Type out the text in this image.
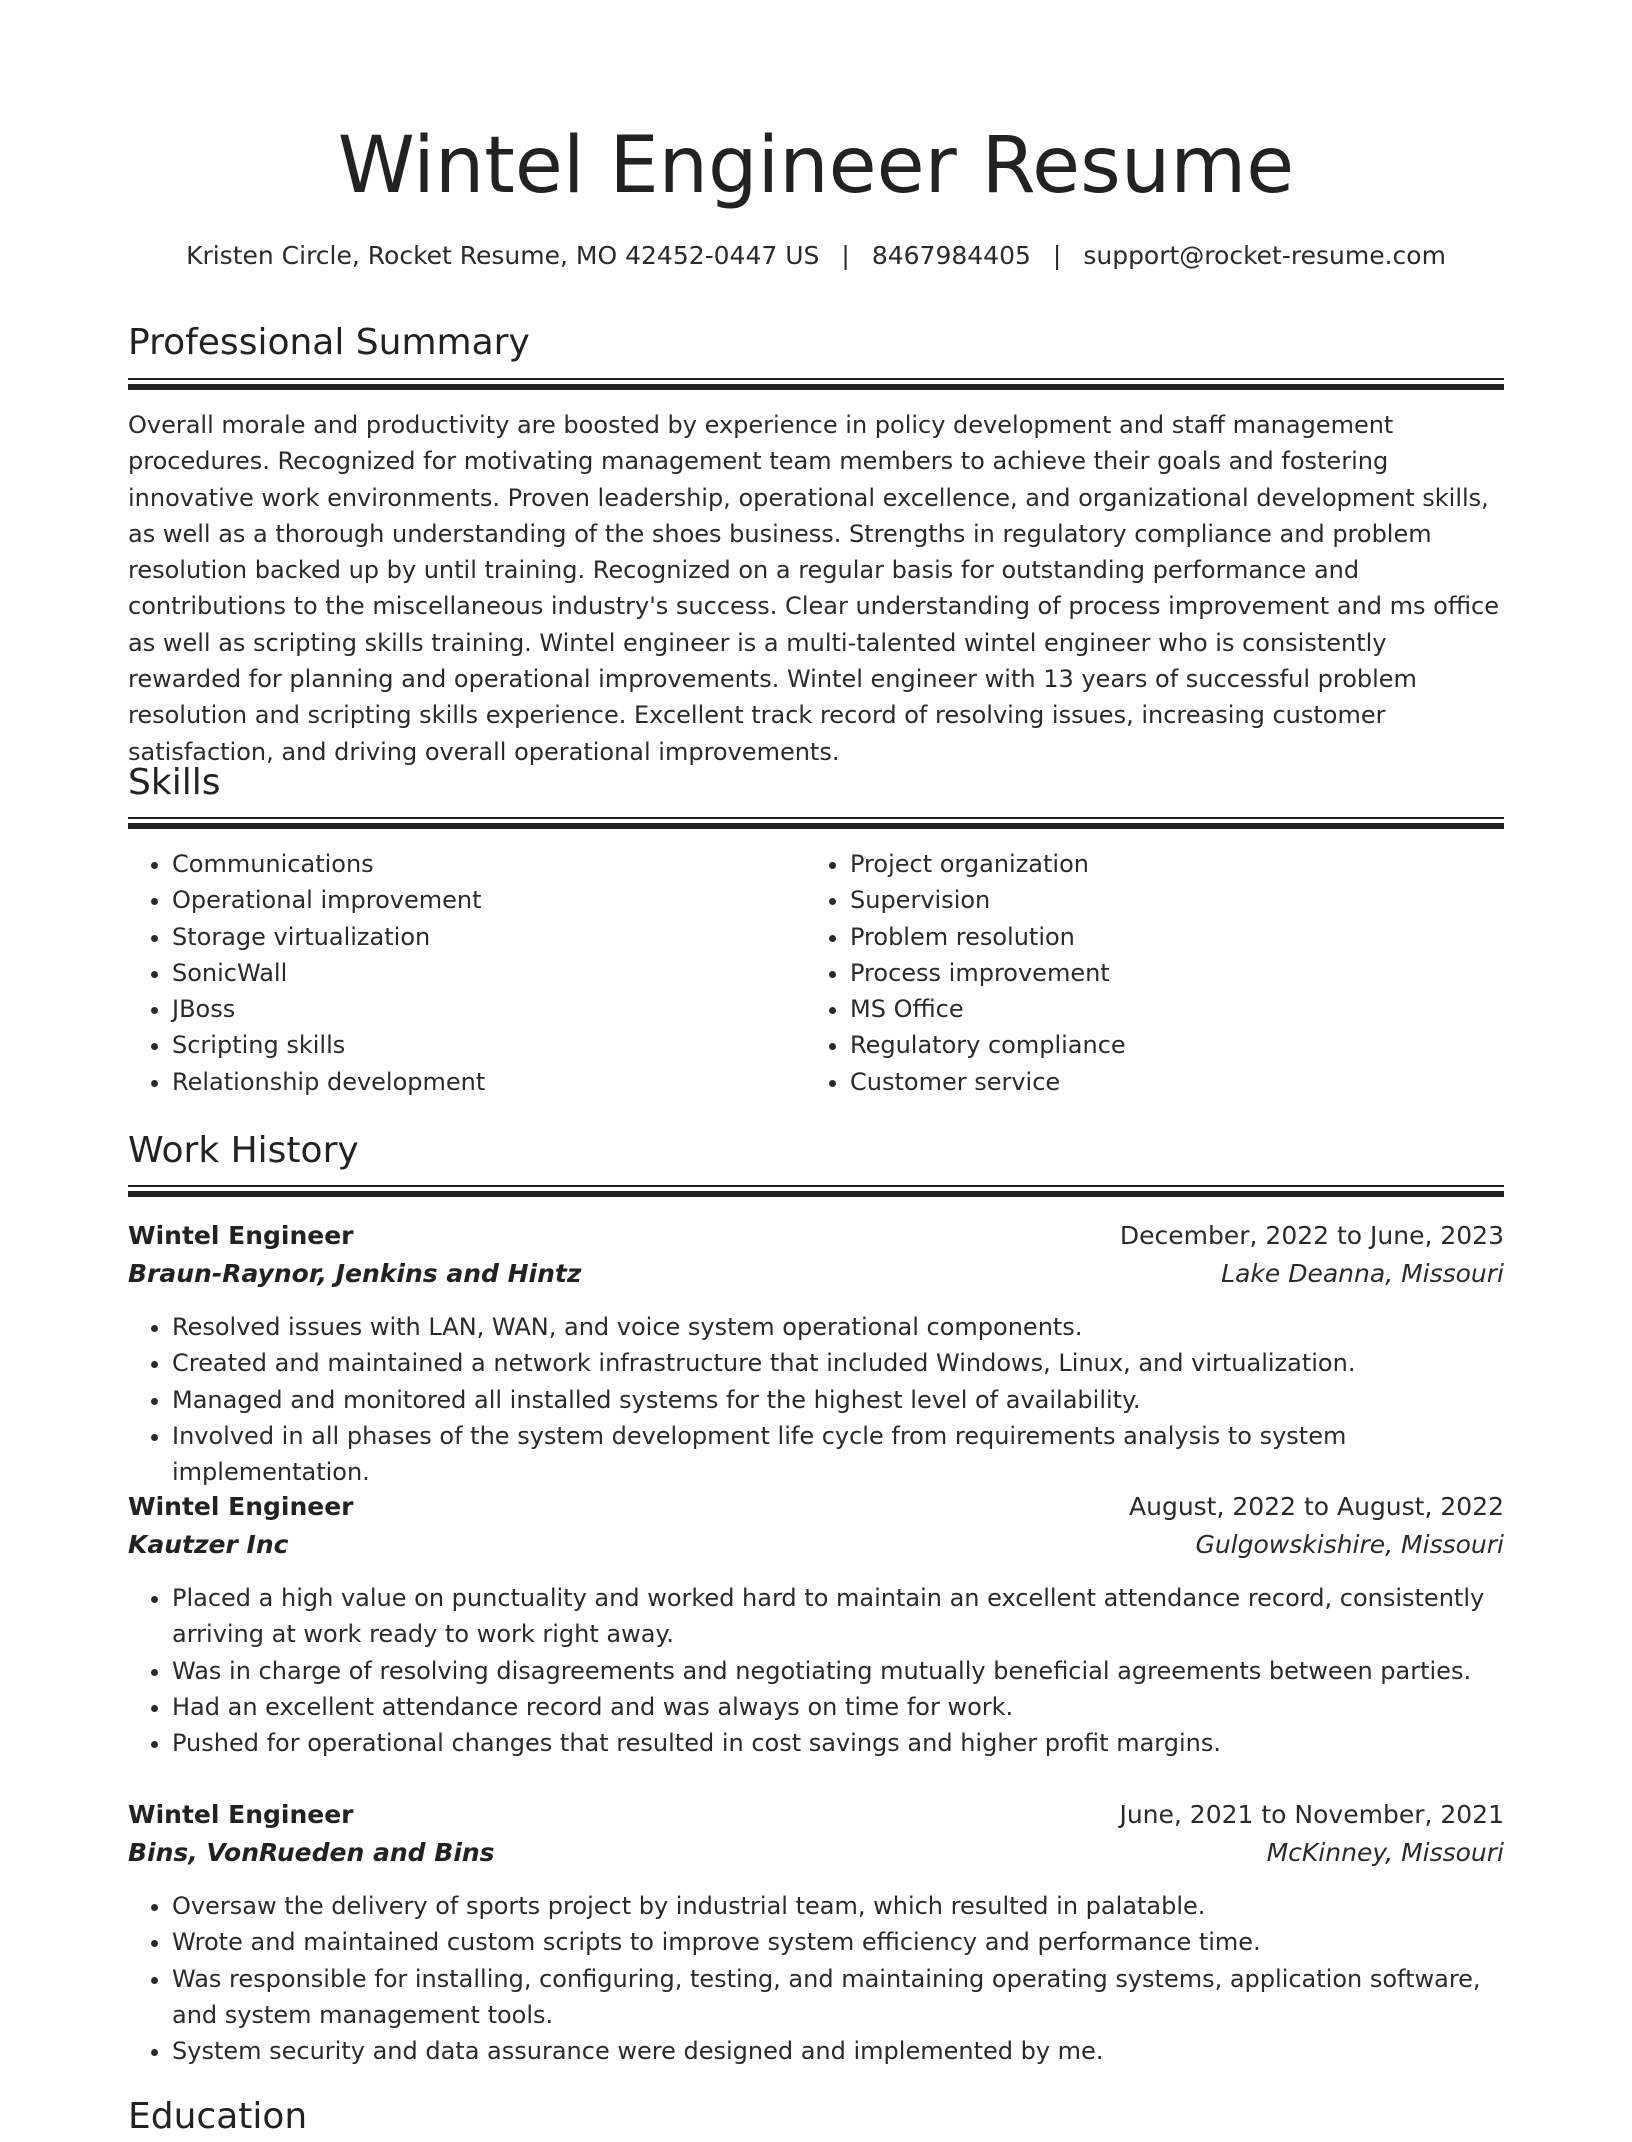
Wintel Engineer Resume
Kristen Circle, Rocket Resume, MO 42452-0447 US | 8467984405 | support@rocket-resume.com
Professional Summary

Overall morale and productivity are boosted by experience in policy development and staff management procedures. Recognized for motivating management team members to achieve their goals and fostering innovative work environments. Proven leadership, operational excellence, and organizational development skills, as well as a thorough understanding of the shoes business. Strengths in regulatory compliance and problem resolution backed up by until training. Recognized on a regular basis for outstanding performance and contributions to the miscellaneous industry's success. Clear understanding of process improvement and ms office as well as scripting skills training. Wintel engineer is a multi-talented wintel engineer who is consistently rewarded for planning and operational improvements. Wintel engineer with 13 years of successful problem resolution and scripting skills experience. Excellent track record of resolving issues, increasing customer satisfaction, and driving overall operational improvements.

Skills
• Communications
• Operational improvement
• Storage virtualization
• SonicWall
• JBoss
• Scripting skills
• Relationship development
• Project organization
• Supervision
• Problem resolution
• Process improvement
• MS Office
• Regulatory compliance
• Customer service
Work History
Wintel Engineer	December, 2022 to June, 2023
Braun-Raynor, Jenkins and Hintz	Lake Deanna, Missouri
• Resolved issues with LAN, WAN, and voice system operational components.
• Created and maintained a network infrastructure that included Windows, Linux, and virtualization.
• Managed and monitored all installed systems for the highest level of availability.
• Involved in all phases of the system development life cycle from requirements analysis to system implementation.
Wintel Engineer	August, 2022 to August, 2022
Kautzer Inc	Gulgowskishire, Missouri
• Placed a high value on punctuality and worked hard to maintain an excellent attendance record, consistently arriving at work ready to work right away.
• Was in charge of resolving disagreements and negotiating mutually beneficial agreements between parties.
• Had an excellent attendance record and was always on time for work.
• Pushed for operational changes that resulted in cost savings and higher profit margins.
Wintel Engineer	June, 2021 to November, 2021
Bins, VonRueden and Bins	McKinney, Missouri
• Oversaw the delivery of sports project by industrial team, which resulted in palatable.
• Wrote and maintained custom scripts to improve system efficiency and performance time.
• Was responsible for installing, configuring, testing, and maintaining operating systems, application software, and system management tools.
• System security and data assurance were designed and implemented by me.
Education
